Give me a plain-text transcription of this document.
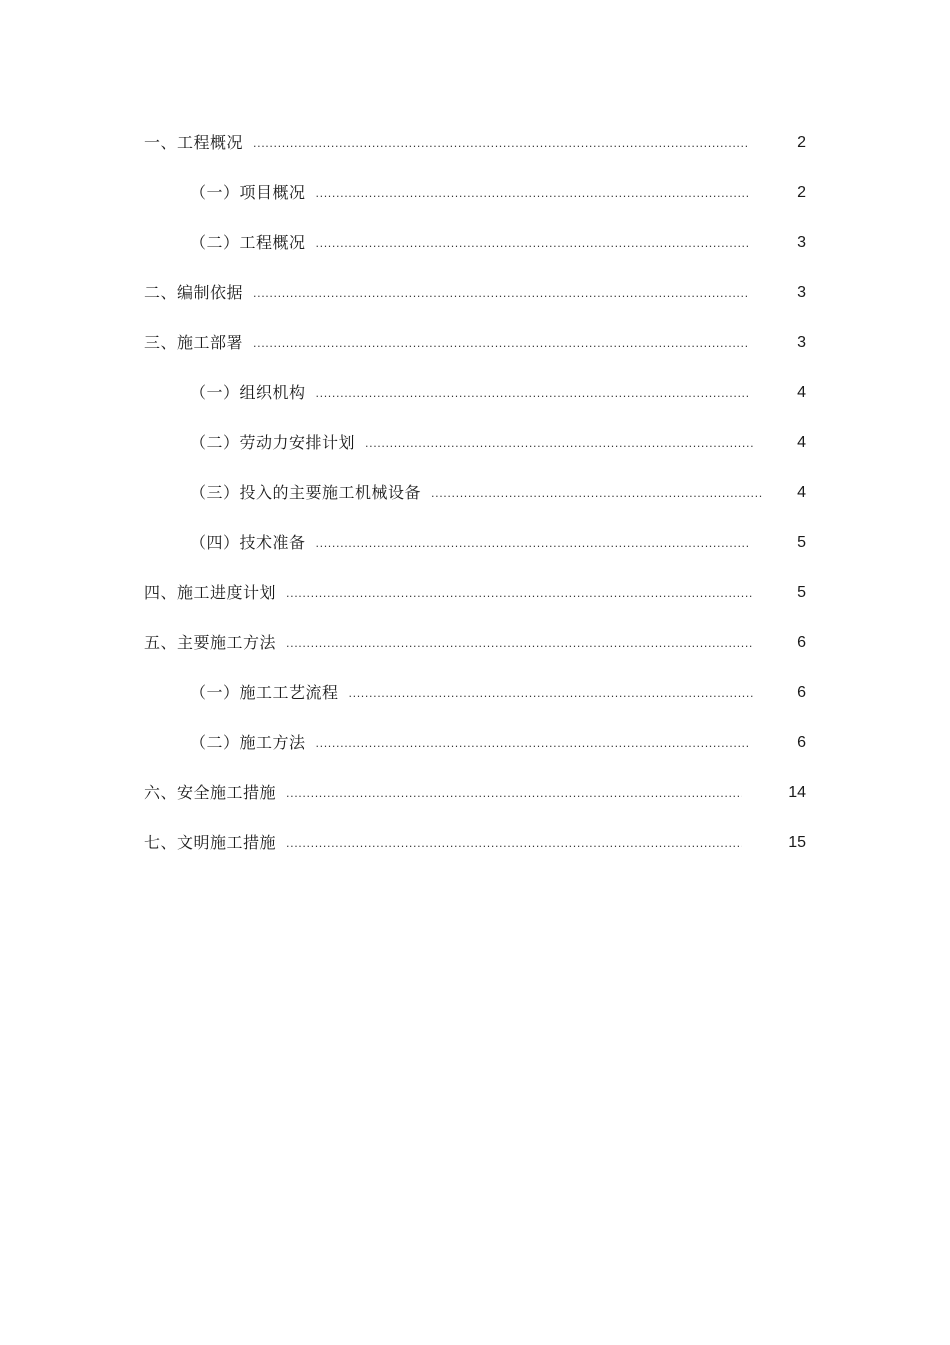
一、工程概况 .....	2
（一）项目概况 .....	2
（二）工程概况 .....	3
二、编制依据 .....	3
三、施工部署 .....	3
（一）组织机构 .....	4
（二）劳动力安排计划 .....	4
（三）投入的主要施工机械设备 .....	4
（四）技术准备 .....	5
四、施工进度计划 .....	5
五、主要施工方法 .....	6
（一）施工工艺流程 .....	6
（二）施工方法 .....	6
六、安全施工措施 .....	14
七、文明施工措施 .....	15
